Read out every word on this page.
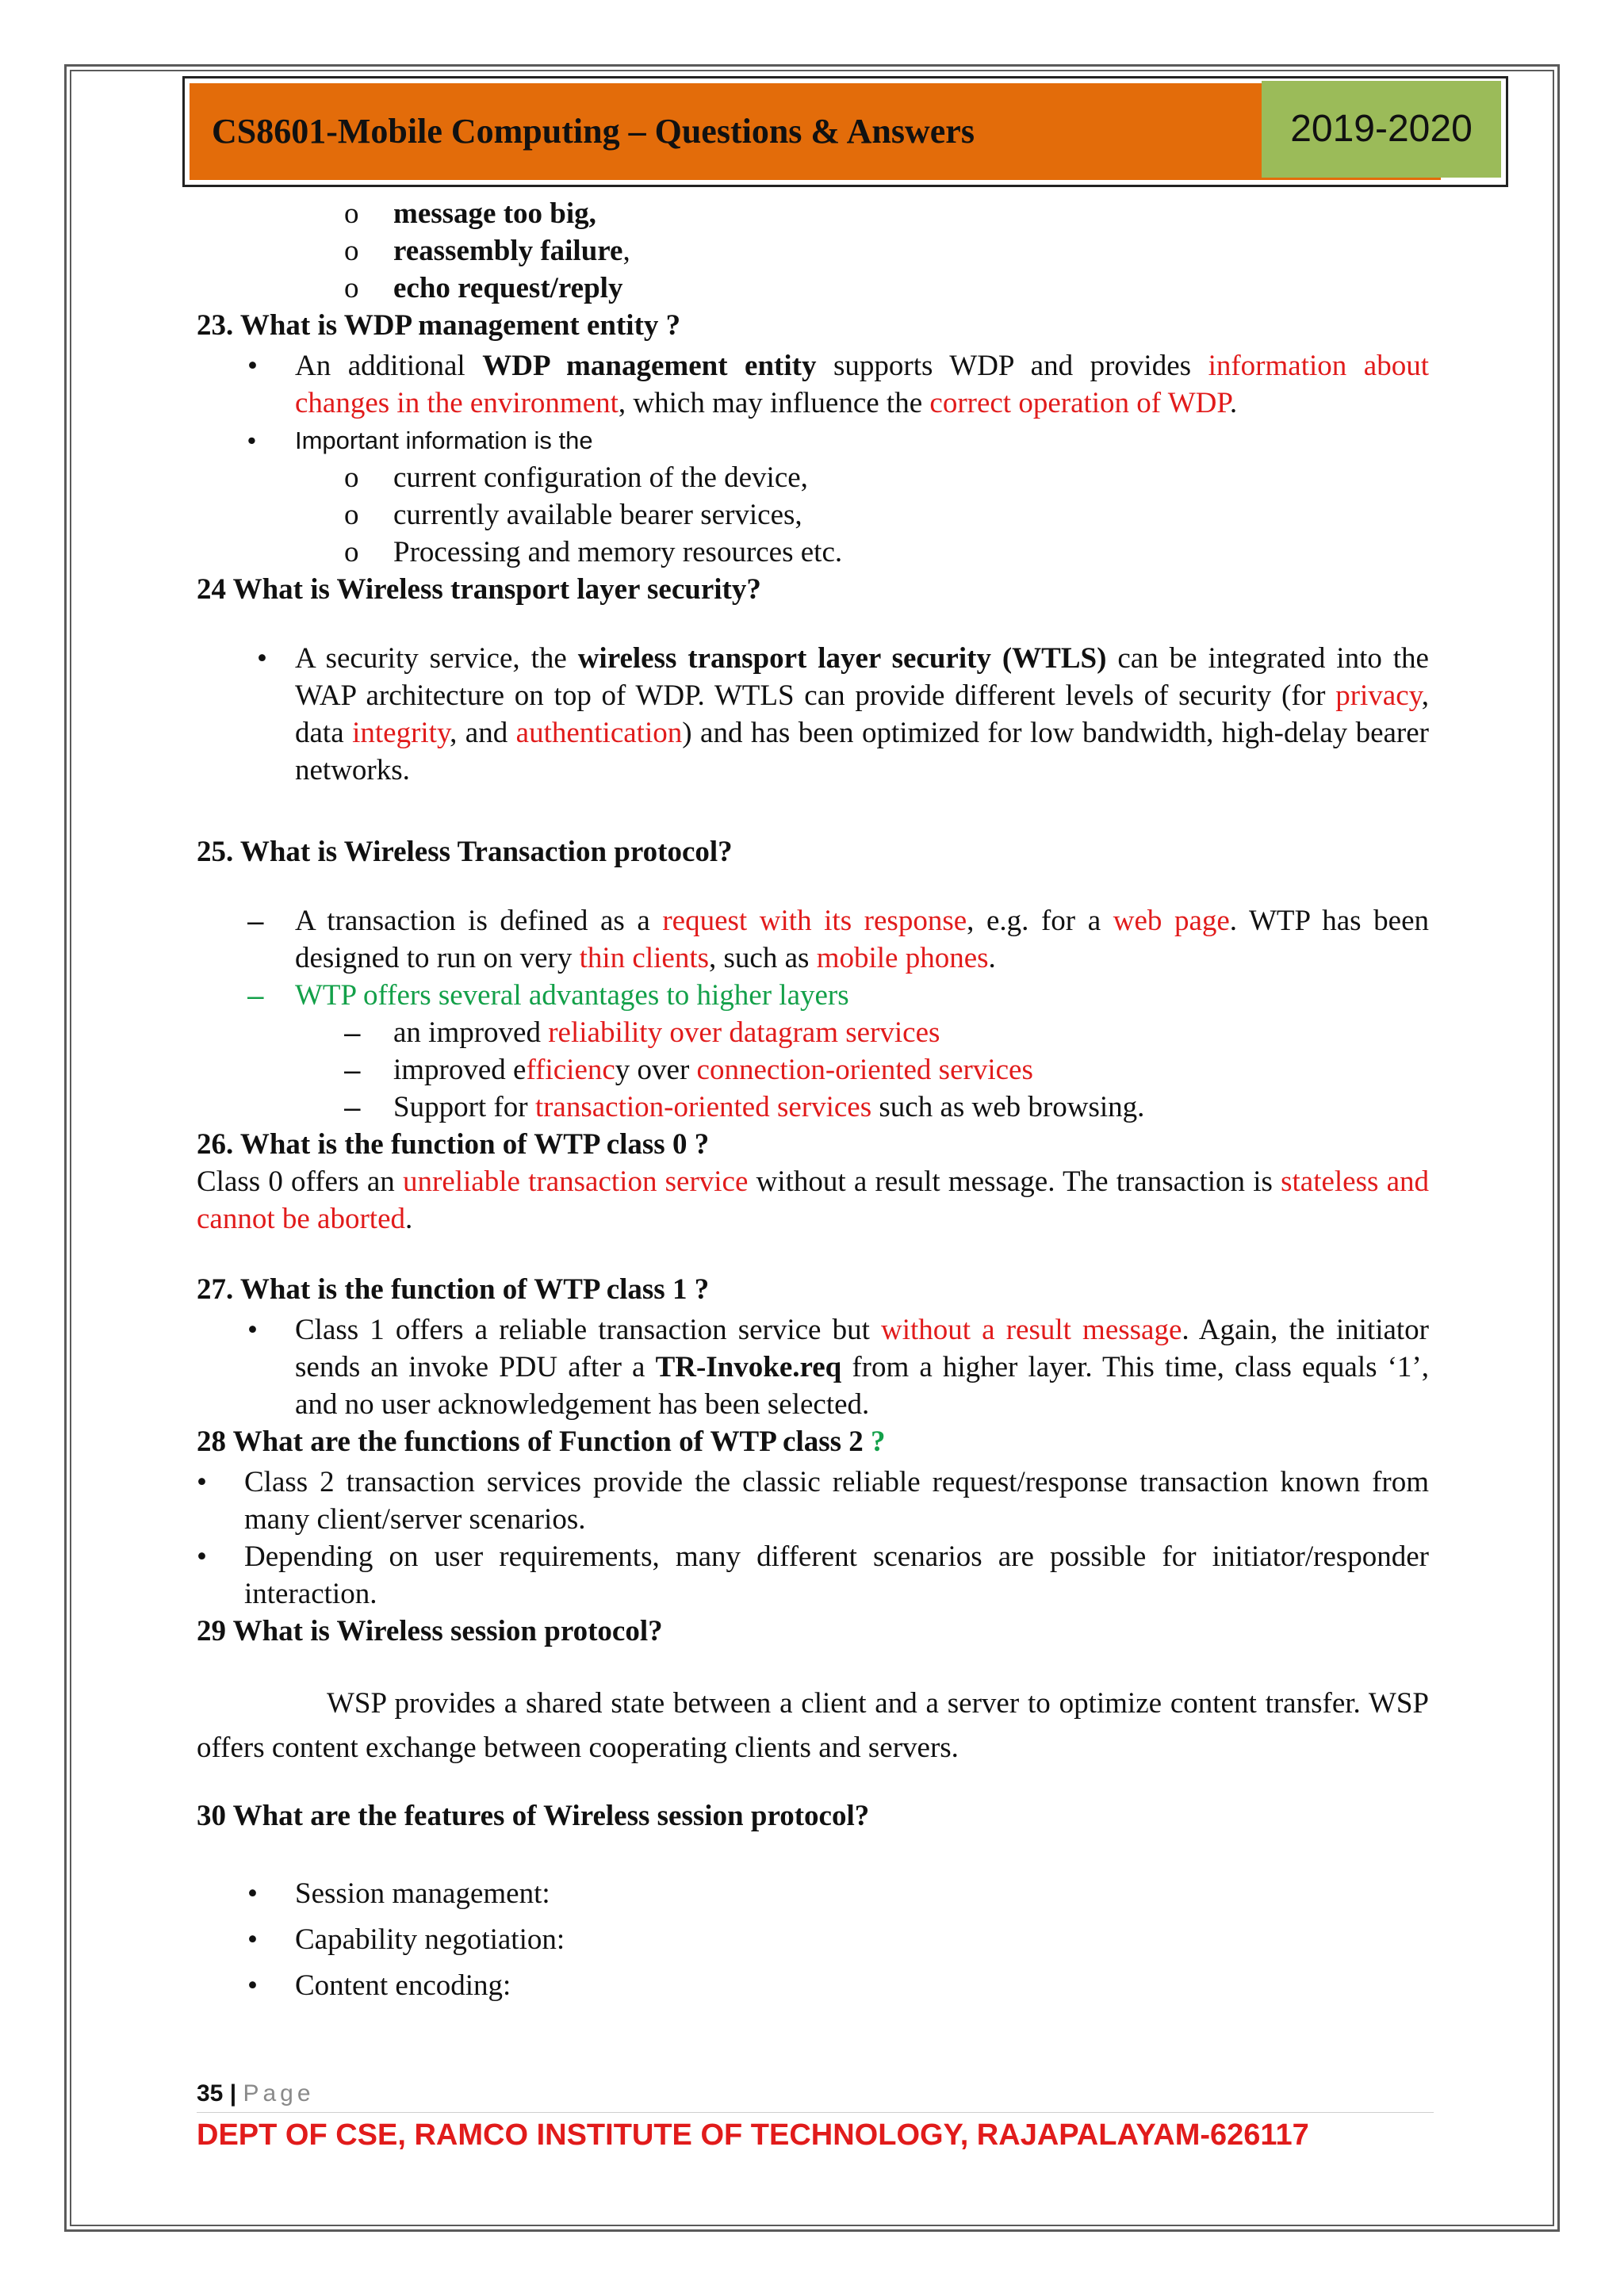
CS8601-Mobile Computing – Questions & Answers	2019-2020
o message too big,
o reassembly failure,
o echo request/reply

23. What is WDP management entity ?

• An additional WDP management entity supports WDP and provides information about changes in the environment, which may influence the correct operation of WDP.
• Important information is the
o current configuration of the device,
o currently available bearer services,
o Processing and memory resources etc.

24 What is Wireless transport layer security?

• A security service, the wireless transport layer security (WTLS) can be integrated into the WAP architecture on top of WDP. WTLS can provide different levels of security (for privacy, data integrity, and authentication) and has been optimized for low bandwidth, high-delay bearer networks.

25. What is Wireless Transaction protocol?

– A transaction is defined as a request with its response, e.g. for a web page. WTP has been designed to run on very thin clients, such as mobile phones.
– WTP offers several advantages to higher layers
– an improved reliability over datagram services
– improved efficiency over connection-oriented services
– Support for transaction-oriented services such as web browsing.

26. What is the function of WTP class 0 ?

Class 0 offers an unreliable transaction service without a result message. The transaction is stateless and cannot be aborted.

27. What is the function of WTP class 1 ?

• Class 1 offers a reliable transaction service but without a result message. Again, the initiator sends an invoke PDU after a TR-Invoke.req from a higher layer. This time, class equals ‘1’, and no user acknowledgement has been selected.

28 What are the functions of Function of WTP class 2 ?

• Class 2 transaction services provide the classic reliable request/response transaction known from many client/server scenarios.
• Depending on user requirements, many different scenarios are possible for initiator/responder interaction.

29 What is Wireless session protocol?

WSP provides a shared state between a client and a server to optimize content transfer. WSP offers content exchange between cooperating clients and servers.

30 What are the features of Wireless session protocol?

• Session management:
• Capability negotiation:
• Content encoding:
35 | Page
DEPT OF CSE, RAMCO INSTITUTE OF TECHNOLOGY, RAJAPALAYAM-626117
